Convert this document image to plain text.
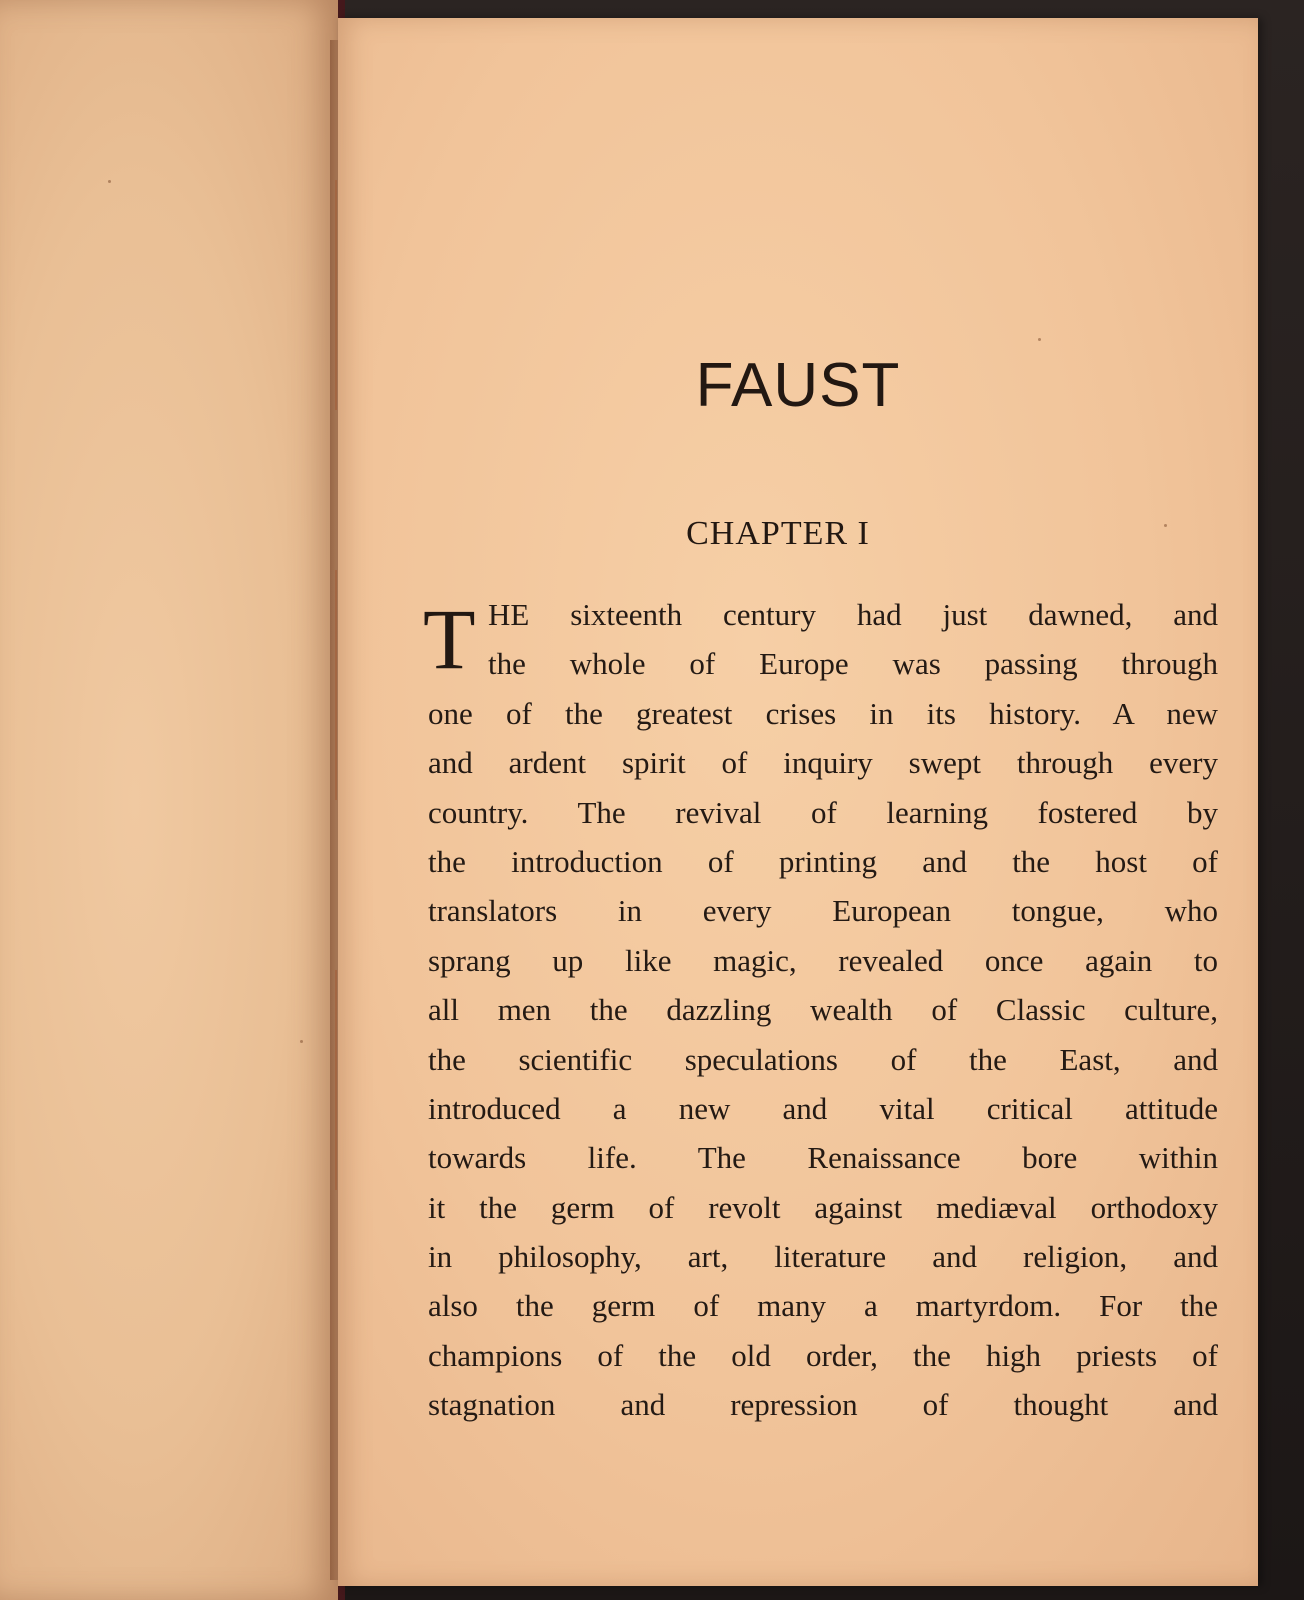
FAUST
CHAPTER I
T HE sixteenth century had just dawned, and
the whole of Europe was passing through
one of the greatest crises in its history. A new
and ardent spirit of inquiry swept through every
country. The revival of learning fostered by
the introduction of printing and the host of
translators in every European tongue, who
sprang up like magic, revealed once again to
all men the dazzling wealth of Classic culture,
the scientific speculations of the East, and
introduced a new and vital critical attitude
towards life. The Renaissance bore within
it the germ of revolt against mediæval orthodoxy
in philosophy, art, literature and religion, and
also the germ of many a martyrdom. For the
champions of the old order, the high priests of
stagnation and repression of thought and
